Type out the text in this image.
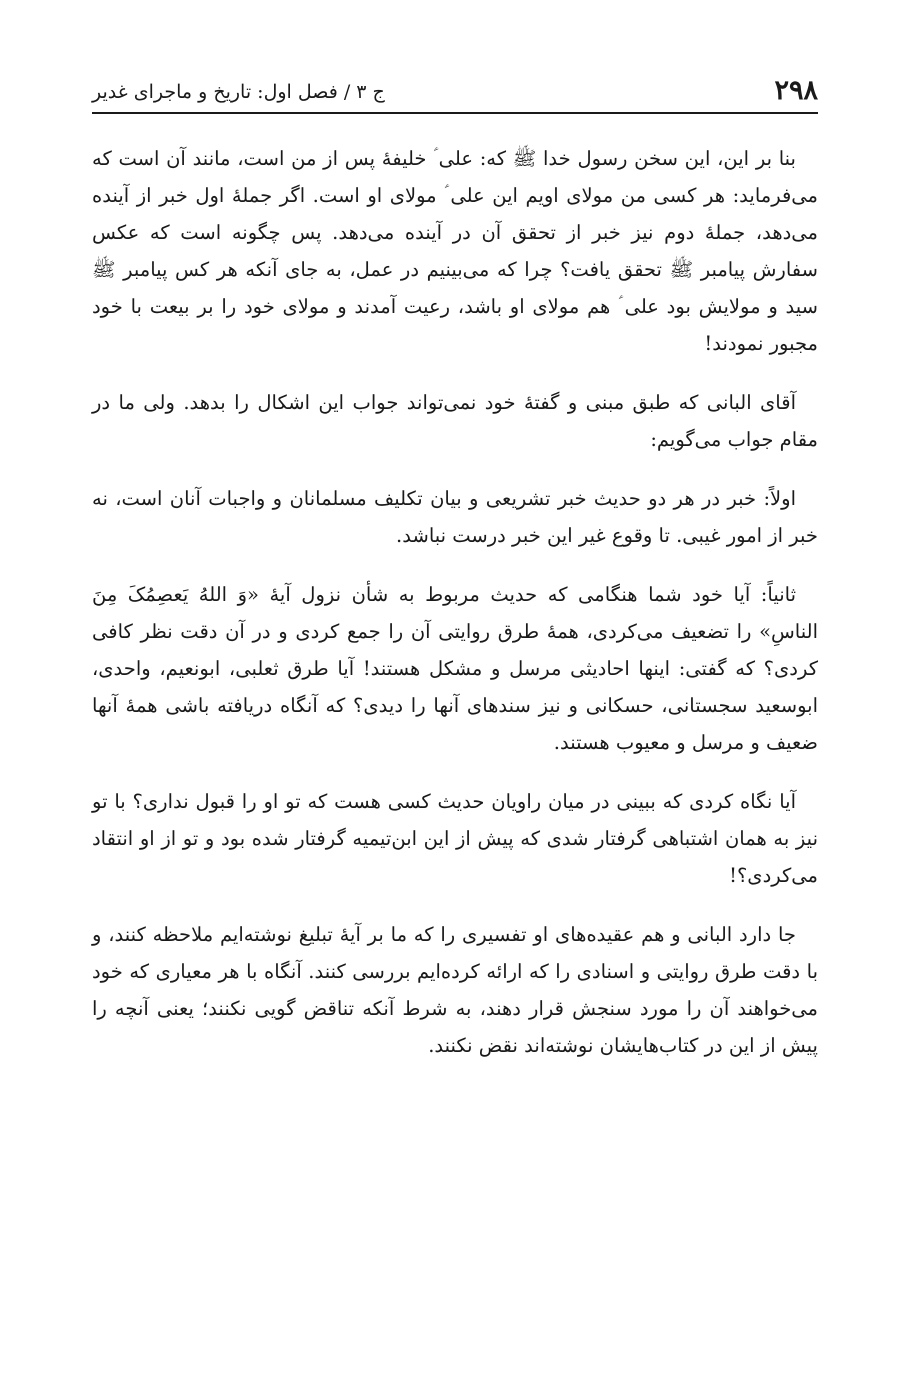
۲۹۸
ج ۳ / فصل اول: تاریخ و ماجرای غدیر

بنا بر این، این سخن رسول خدا ﷺ که: علی ؑ خلیفهٔ پس از من است، مانند آن است که می‌فرماید: هر کسی من مولای اویم این علی ؑ مولای او است. اگر جملهٔ اول خبر از آینده می‌دهد، جملهٔ دوم نیز خبر از تحقق آن در آینده می‌دهد. پس چگونه است که عکس سفارش پیامبر ﷺ تحقق یافت؟ چرا که می‌بینیم در عمل، به جای آنکه هر کس پیامبر ﷺ سید و مولایش بود علی ؑ هم مولای او باشد، رعیت آمدند و مولای خود را بر بیعت با خود مجبور نمودند!

آقای البانی که طبق مبنی و گفتهٔ خود نمی‌تواند جواب این اشکال را بدهد. ولی ما در مقام جواب می‌گویم:

اولاً: خبر در هر دو حدیث خبر تشریعی و بیان تکلیف مسلمانان و واجبات آنان است، نه خبر از امور غیبی. تا وقوع غیر این خبر درست نباشد.

ثانیاً: آیا خود شما هنگامی که حدیث مربوط به شأن نزول آیهٔ «وَ اللهُ یَعصِمُکَ مِنَ الناسِ» را تضعیف می‌کردی، همهٔ طرق روایتی آن را جمع کردی و در آن دقت نظر کافی کردی؟ که گفتی: اینها احادیثی مرسل و مشکل هستند! آیا طرق ثعلبی، ابونعیم، واحدی، ابوسعید سجستانی، حسکانی و نیز سندهای آنها را دیدی؟ که آنگاه دریافته باشی همهٔ آنها ضعیف و مرسل و معیوب هستند.

آیا نگاه کردی که ببینی در میان راویان حدیث کسی هست که تو او را قبول نداری؟ با تو نیز به همان اشتباهی گرفتار شدی که پیش از این ابن‌تیمیه گرفتار شده بود و تو از او انتقاد می‌کردی؟!

جا دارد البانی و هم عقیده‌های او تفسیری را که ما بر آیهٔ تبلیغ نوشته‌ایم ملاحظه کنند، و با دقت طرق روایتی و اسنادی را که ارائه کرده‌ایم بررسی کنند. آنگاه با هر معیاری که خود می‌خواهند آن را مورد سنجش قرار دهند، به شرط آنکه تناقض گویی نکنند؛ یعنی آنچه را پیش از این در کتاب‌هایشان نوشته‌اند نقض نکنند.
